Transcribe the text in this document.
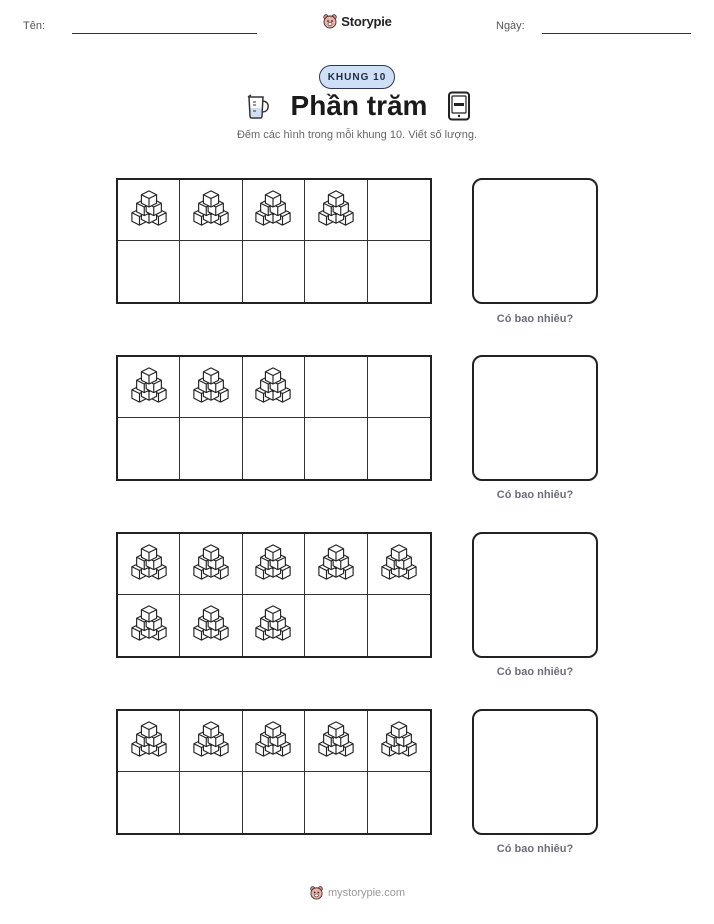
Tên:	Storypie	Ngày:
KHUNG 10
Phần trăm
Đếm các hình trong mỗi khung 10. Viết số lượng.
Có bao nhiêu?
Có bao nhiêu?
Có bao nhiêu?
Có bao nhiêu?
mystorypie.com
